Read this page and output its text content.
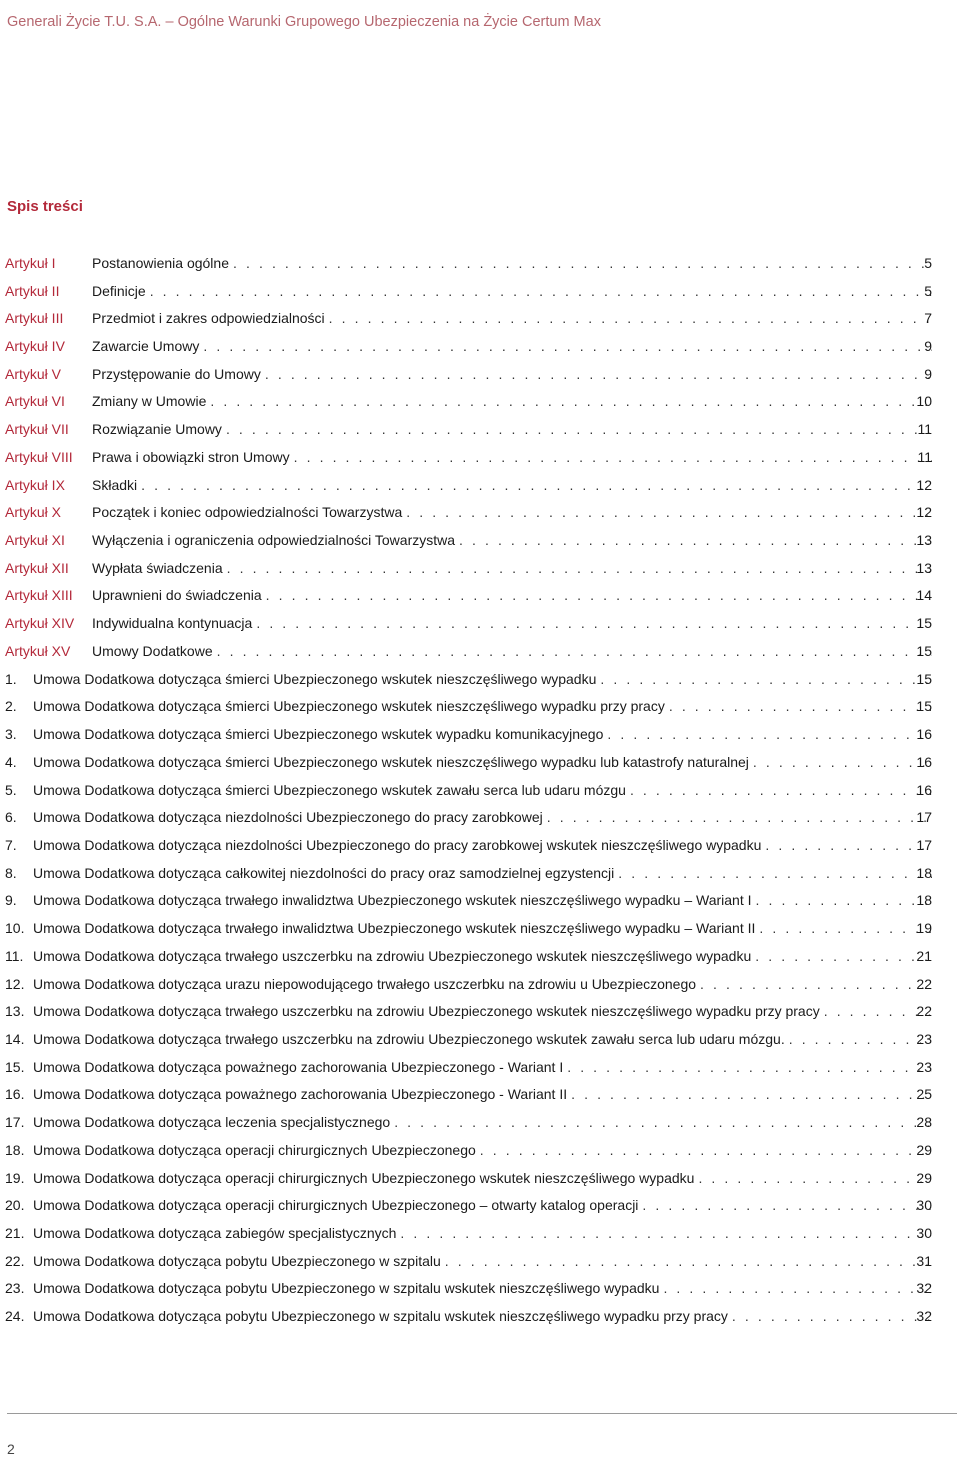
Generali Życie T.U. S.A. – Ogólne Warunki Grupowego Ubezpieczenia na Życie Certum Max
Spis treści
Artykuł I	Postanowienia ogólne . . .	5
Artykuł II Definicje . . .	5
Artykuł III Przedmiot i zakres odpowiedzialności . . .	7
Artykuł IV Zawarcie Umowy . . .	9
Artykuł V Przystępowanie do Umowy . . .	9
Artykuł VI Zmiany w Umowie . . .	10
Artykuł VII Rozwiązanie Umowy . . .	11
Artykuł VIII Prawa i obowiązki stron Umowy . . .	11
Artykuł IX Składki . . .	12
Artykuł X Początek i koniec odpowiedzialności Towarzystwa . . .	12
Artykuł XI Wyłączenia i ograniczenia odpowiedzialności Towarzystwa . . .	13
Artykuł XII Wypłata świadczenia . . .	13
Artykuł XIII Uprawnieni do świadczenia . . .	14
Artykuł XIV Indywidualna kontynuacja . . .	15
Artykuł XV Umowy Dodatkowe . . .	15
1. Umowa Dodatkowa dotycząca śmierci Ubezpieczonego wskutek nieszczęśliwego wypadku . . .	15
2. Umowa Dodatkowa dotycząca śmierci Ubezpieczonego wskutek nieszczęśliwego wypadku przy pracy . . .	15
3. Umowa Dodatkowa dotycząca śmierci Ubezpieczonego wskutek wypadku komunikacyjnego . . .	16
4. Umowa Dodatkowa dotycząca śmierci Ubezpieczonego wskutek nieszczęśliwego wypadku lub katastrofy naturalnej . . .	16
5. Umowa Dodatkowa dotycząca śmierci Ubezpieczonego wskutek zawału serca lub udaru mózgu . . .	16
6. Umowa Dodatkowa dotycząca niezdolności Ubezpieczonego do pracy zarobkowej . . .	17
7. Umowa Dodatkowa dotycząca niezdolności Ubezpieczonego do pracy zarobkowej wskutek nieszczęśliwego wypadku . . .	17
8. Umowa Dodatkowa dotycząca całkowitej niezdolności do pracy oraz samodzielnej egzystencji . . .	18
9. Umowa Dodatkowa dotycząca trwałego inwalidztwa Ubezpieczonego wskutek nieszczęśliwego wypadku – Wariant I . . .	18
10. Umowa Dodatkowa dotycząca trwałego inwalidztwa Ubezpieczonego wskutek nieszczęśliwego wypadku – Wariant II . . .	19
11. Umowa Dodatkowa dotycząca trwałego uszczerbku na zdrowiu Ubezpieczonego wskutek nieszczęśliwego wypadku . . .	21
12. Umowa Dodatkowa dotycząca urazu niepowodującego trwałego uszczerbku na zdrowiu u Ubezpieczonego . . .	22
13. Umowa Dodatkowa dotycząca trwałego uszczerbku na zdrowiu Ubezpieczonego wskutek nieszczęśliwego wypadku przy pracy . . .	22
14. Umowa Dodatkowa dotycząca trwałego uszczerbku na zdrowiu Ubezpieczonego wskutek zawału serca lub udaru mózgu. . . .	23
15. Umowa Dodatkowa dotycząca poważnego zachorowania Ubezpieczonego - Wariant I . . .	23
16. Umowa Dodatkowa dotycząca poważnego zachorowania Ubezpieczonego - Wariant II . . .	25
17. Umowa Dodatkowa dotycząca leczenia specjalistycznego . . .	28
18. Umowa Dodatkowa dotycząca operacji chirurgicznych Ubezpieczonego . . .	29
19. Umowa Dodatkowa dotycząca operacji chirurgicznych Ubezpieczonego wskutek nieszczęśliwego wypadku . . .	29
20. Umowa Dodatkowa dotycząca operacji chirurgicznych Ubezpieczonego – otwarty katalog operacji . . .	30
21. Umowa Dodatkowa dotycząca zabiegów specjalistycznych . . .	30
22. Umowa Dodatkowa dotycząca pobytu Ubezpieczonego w szpitalu . . .	31
23. Umowa Dodatkowa dotycząca pobytu Ubezpieczonego w szpitalu wskutek nieszczęśliwego wypadku . . .	32
24. Umowa Dodatkowa dotycząca pobytu Ubezpieczonego w szpitalu wskutek nieszczęśliwego wypadku przy pracy . . .	32
2
